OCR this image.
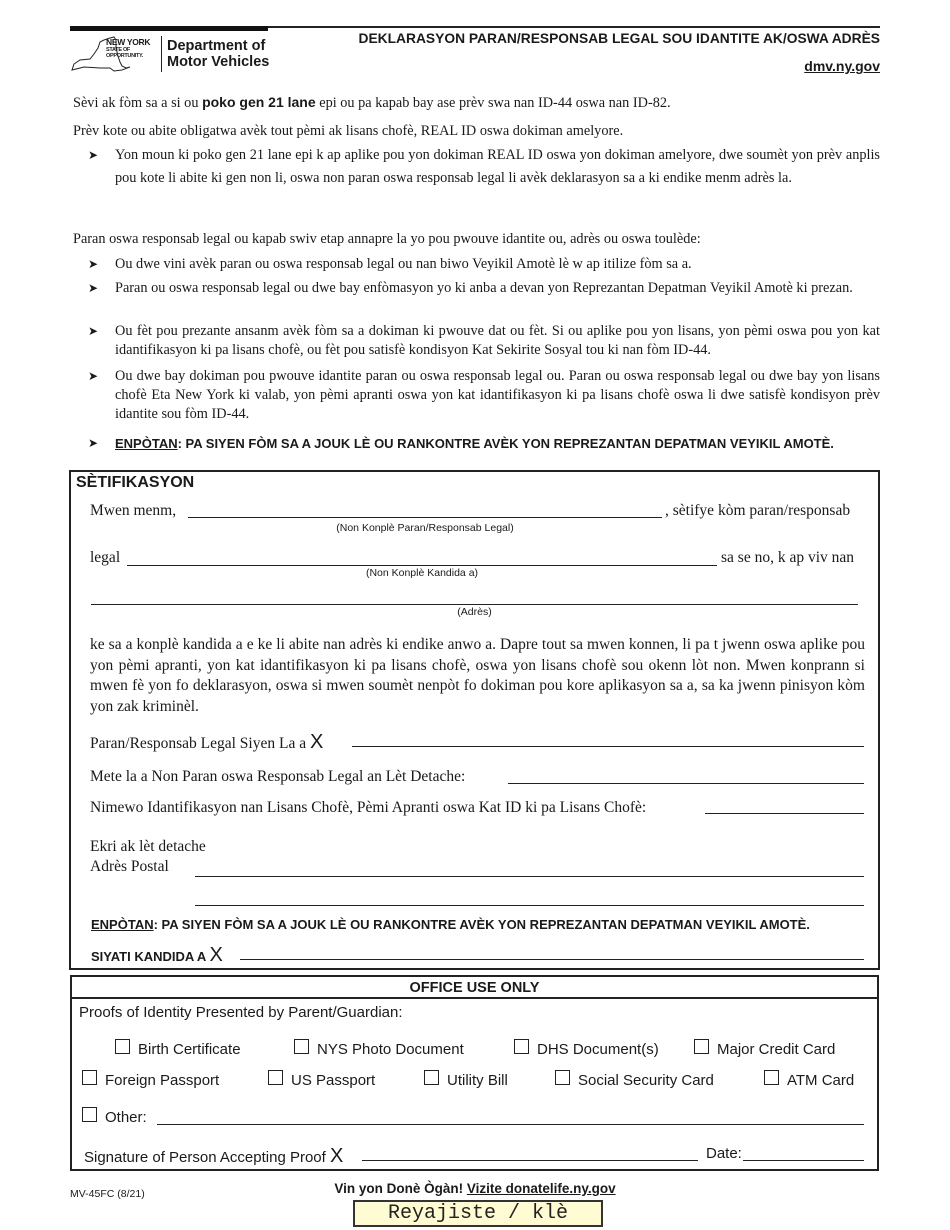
NEW YORK
STATE OF
OPPORTUNITY.
Department of
Motor Vehicles
DEKLARASYON PARAN/RESPONSAB LEGAL SOU IDANTITE AK/OSWA ADRÈS
dmv.ny.gov
Sèvi ak fòm sa a si ou poko gen 21 lane epi ou pa kapab bay ase prèv swa nan ID-44 oswa nan ID-82.
Prèv kote ou abite obligatwa avèk tout pèmi ak lisans chofè, REAL ID oswa dokiman amelyore.
➤ Yon moun ki poko gen 21 lane epi k ap aplike pou yon dokiman REAL ID oswa yon dokiman amelyore, dwe soumèt yon prèv anplis pou kote li abite ki gen non li, oswa non paran oswa responsab legal li avèk deklarasyon sa a ki endike menm adrès la.
Paran oswa responsab legal ou kapab swiv etap annapre la yo pou pwouve idantite ou, adrès ou oswa toulède:
➤ Ou dwe vini avèk paran ou oswa responsab legal ou nan biwo Veyikil Amotè lè w ap itilize fòm sa a.
➤ Paran ou oswa responsab legal ou dwe bay enfòmasyon yo ki anba a devan yon Reprezantan Depatman Veyikil Amotè ki prezan.
➤ Ou fèt pou prezante ansanm avèk fòm sa a dokiman ki pwouve dat ou fèt. Si ou aplike pou yon lisans, yon pèmi oswa pou yon kat idantifikasyon ki pa lisans chofè, ou fèt pou satisfè kondisyon Kat Sekirite Sosyal tou ki nan fòm ID-44.
➤ Ou dwe bay dokiman pou pwouve idantite paran ou oswa responsab legal ou. Paran ou oswa responsab legal ou dwe bay yon lisans chofè Eta New York ki valab, yon pèmi apranti oswa yon kat idantifikasyon ki pa lisans chofè oswa li dwe satisfè kondisyon prèv idantite sou fòm ID-44.
➤ ENPÒTAN: PA SIYEN FÒM SA A JOUK LÈ OU RANKONTRE AVÈK YON REPREZANTAN DEPATMAN VEYIKIL AMOTÈ.
SÈTIFIKASYON
Mwen menm,	, sètifye kòm paran/responsab
(Non Konplè Paran/Responsab Legal)
legal	sa se no, k ap viv nan
(Non Konplè Kandida a)
(Adrès)
ke sa a konplè kandida a e ke li abite nan adrès ki endike anwo a. Dapre tout sa mwen konnen, li pa t jwenn oswa aplike pou yon pèmi apranti, yon kat idantifikasyon ki pa lisans chofè, oswa yon lisans chofè sou okenn lòt non. Mwen konprann si mwen fè yon fo deklarasyon, oswa si mwen soumèt nenpòt fo dokiman pou kore aplikasyon sa a, sa ka jwenn pinisyon kòm yon zak kriminèl.
Paran/Responsab Legal Siyen La a X
Mete la a Non Paran oswa Responsab Legal an Lèt Detache:
Nimewo Idantifikasyon nan Lisans Chofè, Pèmi Apranti oswa Kat ID ki pa Lisans Chofè:
Ekri ak lèt detache
Adrès Postal
ENPÒTAN: PA SIYEN FÒM SA A JOUK LÈ OU RANKONTRE AVÈK YON REPREZANTAN DEPATMAN VEYIKIL AMOTÈ.
SIYATI KANDIDA A X
OFFICE USE ONLY
Proofs of Identity Presented by Parent/Guardian:
Birth Certificate	NYS Photo Document	DHS Document(s)	Major Credit Card
Foreign Passport	US Passport	Utility Bill	Social Security Card	ATM Card
Other:
Signature of Person Accepting Proof X	Date:
MV-45FC (8/21)	Vin yon Donè Ògàn! Vizite donatelife.ny.gov
Reyajiste / klè
